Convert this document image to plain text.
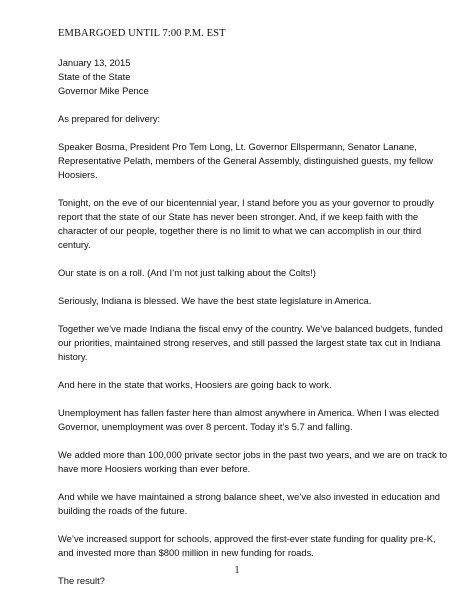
EMBARGOED UNTIL 7:00 P.M. EST
January 13, 2015
State of the State
Governor Mike Pence
As prepared for delivery:
Speaker Bosma, President Pro Tem Long, Lt. Governor Ellspermann, Senator Lanane,
Representative Pelath, members of the General Assembly, distinguished guests, my fellow
Hoosiers.
Tonight, on the eve of our bicentennial year, I stand before you as your governor to proudly
report that the state of our State has never been stronger. And, if we keep faith with the
character of our people, together there is no limit to what we can accomplish in our third
century.
Our state is on a roll. (And I’m not just talking about the Colts!)
Seriously, Indiana is blessed. We have the best state legislature in America.
Together we’ve made Indiana the fiscal envy of the country. We’ve balanced budgets, funded
our priorities, maintained strong reserves, and still passed the largest state tax cut in Indiana
history.
And here in the state that works, Hoosiers are going back to work.
Unemployment has fallen faster here than almost anywhere in America. When I was elected
Governor, unemployment was over 8 percent. Today it’s 5.7 and falling.
We added more than 100,000 private sector jobs in the past two years, and we are on track to
have more Hoosiers working than ever before.
And while we have maintained a strong balance sheet, we’ve also invested in education and
building the roads of the future.
We’ve increased support for schools, approved the first-ever state funding for quality pre-K,
and invested more than $800 million in new funding for roads.
The result?
1
